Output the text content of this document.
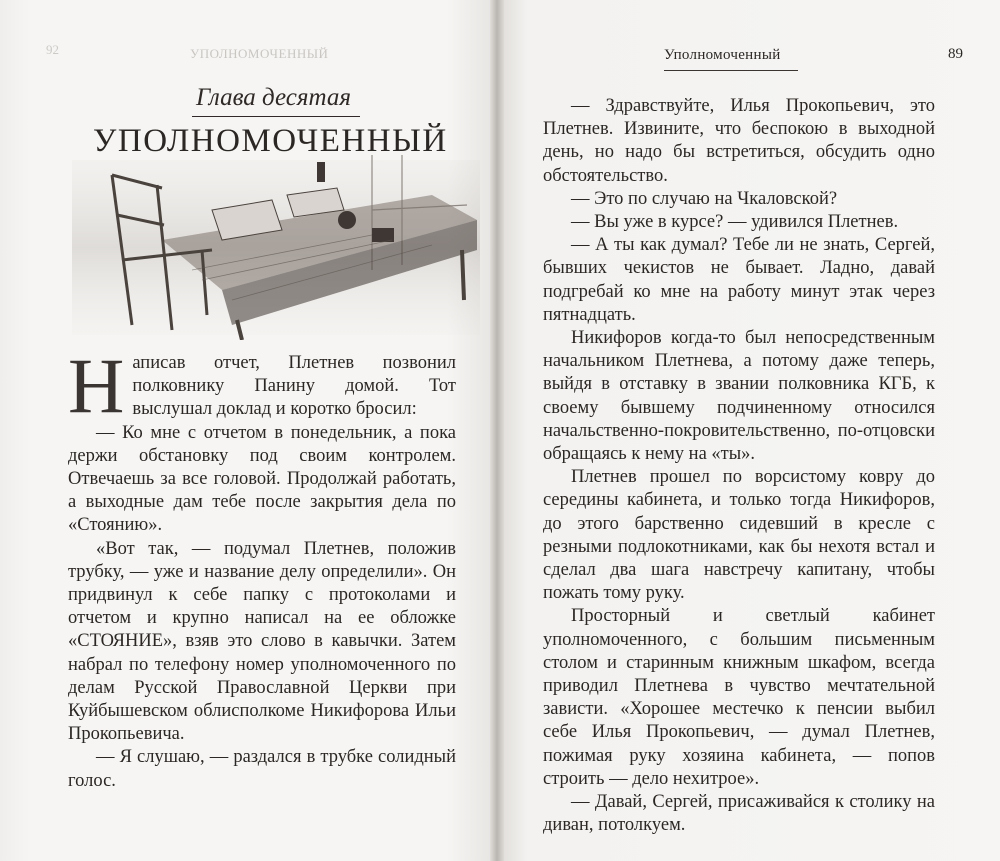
92	УПОЛНОМОЧЕННЫЙ
Глава десятая
УПОЛНОМОЧЕННЫЙ

Написав отчет, Плетнев позвонил полковнику Панину домой. Тот выслушал доклад и коротко бросил:

— Ко мне с отчетом в понедельник, а пока держи обстановку под своим контролем. Отвечаешь за все головой. Продолжай работать, а выходные дам тебе после закрытия дела по «Стоянию».

«Вот так, — подумал Плетнев, положив трубку, — уже и название делу определили». Он придвинул к себе папку с протоколами и отчетом и крупно написал на ее обложке «СТОЯНИЕ», взяв это слово в кавычки. Затем набрал по телефону номер уполномоченного по делам Русской Православной Церкви при Куйбышевском облисполкоме Никифорова Ильи Прокопьевича.

— Я слушаю, — раздался в трубке солидный голос.

Уполномоченный	89

— Здравствуйте, Илья Прокопьевич, это Плетнев. Извините, что беспокою в выходной день, но надо бы встретиться, обсудить одно обстоятельство.

— Это по случаю на Чкаловской?

— Вы уже в курсе? — удивился Плетнев.

— А ты как думал? Тебе ли не знать, Сергей, бывших чекистов не бывает. Ладно, давай подгребай ко мне на работу минут этак через пятнадцать.

Никифоров когда-то был непосредственным начальником Плетнева, а потому даже теперь, выйдя в отставку в звании полковника КГБ, к своему бывшему подчиненному относился начальственно-покровительственно, по-отцовски обращаясь к нему на «ты».

Плетнев прошел по ворсистому ковру до середины кабинета, и только тогда Никифоров, до этого барственно сидевший в кресле с резными подлокотниками, как бы нехотя встал и сделал два шага навстречу капитану, чтобы пожать тому руку.

Просторный и светлый кабинет уполномоченного, с большим письменным столом и старинным книжным шкафом, всегда приводил Плетнева в чувство мечтательной зависти. «Хорошее местечко к пенсии выбил себе Илья Прокопьевич, — думал Плетнев, пожимая руку хозяина кабинета, — попов строить — дело нехитрое».

— Давай, Сергей, присаживайся к столику на диван, потолкуем.
